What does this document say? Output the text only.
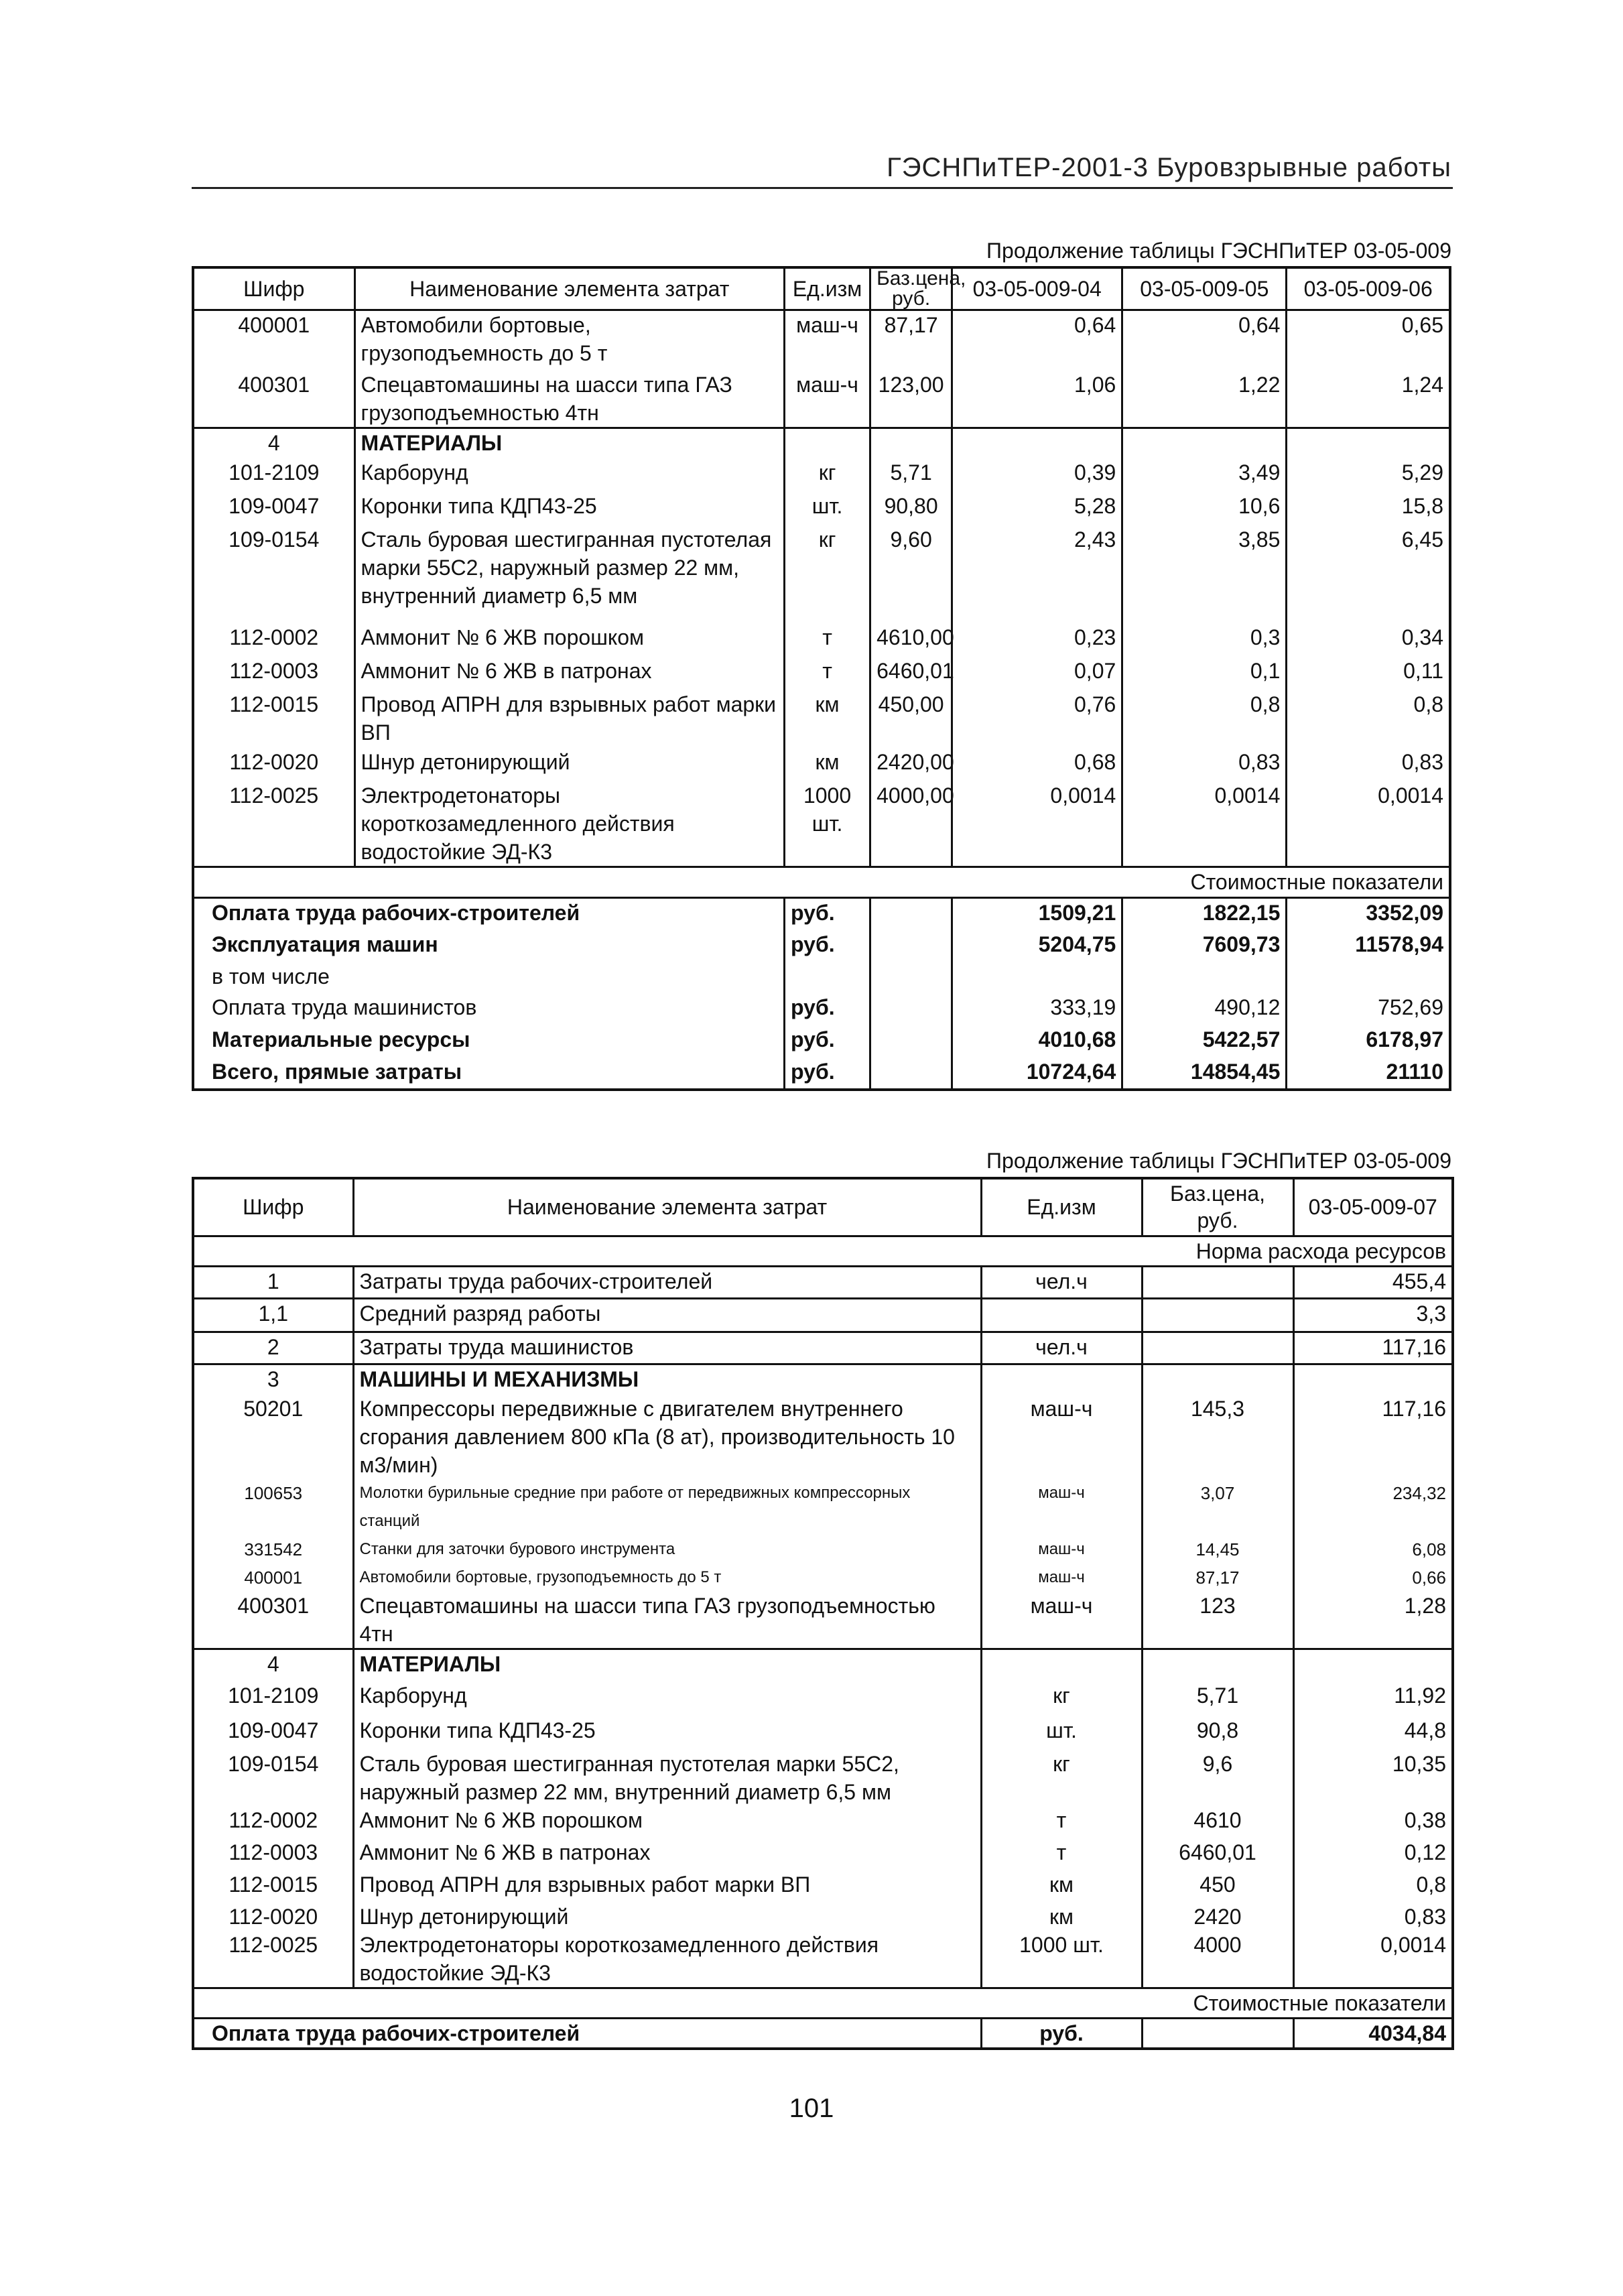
ГЭСНПиТЕР-2001-3 Буровзрывные работы
Продолжение таблицы ГЭСНПиТЕР 03-05-009
Шифр	Наименование элемента затрат	Ед.изм	Баз.цена, руб.	03-05-009-04	03-05-009-05	03-05-009-06
400001	Автомобили бортовые, грузоподъемность до 5 т	маш-ч	87,17	0,64	0,64	0,65
400301	Спецавтомашины на шасси типа ГАЗ грузоподъемностью 4тн	маш-ч	123,00	1,06	1,22	1,24
4	МАТЕРИАЛЫ					
101-2109	Карборунд	кг	5,71	0,39	3,49	5,29
109-0047	Коронки типа КДП43-25	шт.	90,80	5,28	10,6	15,8
109-0154	Сталь буровая шестигранная пустотелая марки 55С2, наружный размер 22 мм, внутренний диаметр 6,5 мм	кг	9,60	2,43	3,85	6,45
112-0002	Аммонит № 6 ЖВ порошком	т	4610,00	0,23	0,3	0,34
112-0003	Аммонит № 6 ЖВ в патронах	т	6460,01	0,07	0,1	0,11
112-0015	Провод АПРН для взрывных работ марки ВП	км	450,00	0,76	0,8	0,8
112-0020	Шнур детонирующий	км	2420,00	0,68	0,83	0,83
112-0025	Электродетонаторы короткозамедленного действия водостойкие ЭД-К3	1000 шт.	4000,00	0,0014	0,0014	0,0014
Стоимостные показатели						
Оплата труда рабочих-строителей		руб.		1509,21	1822,15	3352,09
Эксплуатация машин		руб.		5204,75	7609,73	11578,94
в том числе						
Оплата труда машинистов		руб.		333,19	490,12	752,69
Материальные ресурсы		руб.		4010,68	5422,57	6178,97
Всего, прямые затраты		руб.		10724,64	14854,45	21110
Продолжение таблицы ГЭСНПиТЕР 03-05-009
Шифр	Наименование элемента затрат	Ед.изм	Баз.цена, руб.	03-05-009-07
Норма расхода ресурсов				
1	Затраты труда рабочих-строителей	чел.ч		455,4
1,1	Средний разряд работы			3,3
2	Затраты труда машинистов	чел.ч		117,16
3	МАШИНЫ И МЕХАНИЗМЫ			
50201	Компрессоры передвижные с двигателем внутреннего сгорания давлением 800 кПа (8 ат), производительность 10 м3/мин)	маш-ч	145,3	117,16
100653	Молотки бурильные средние при работе от передвижных компрессорных станций	маш-ч	3,07	234,32
331542	Станки для заточки бурового инструмента	маш-ч	14,45	6,08
400001	Автомобили бортовые, грузоподъемность до 5 т	маш-ч	87,17	0,66
400301	Спецавтомашины на шасси типа ГАЗ грузоподъемностью 4тн	маш-ч	123	1,28
4	МАТЕРИАЛЫ			
101-2109	Карборунд	кг	5,71	11,92
109-0047	Коронки типа КДП43-25	шт.	90,8	44,8
109-0154	Сталь буровая шестигранная пустотелая марки 55С2, наружный размер 22 мм, внутренний диаметр 6,5 мм	кг	9,6	10,35
112-0002	Аммонит № 6 ЖВ порошком	т	4610	0,38
112-0003	Аммонит № 6 ЖВ в патронах	т	6460,01	0,12
112-0015	Провод АПРН для взрывных работ марки ВП	км	450	0,8
112-0020	Шнур детонирующий	км	2420	0,83
112-0025	Электродетонаторы короткозамедленного действия водостойкие ЭД-К3	1000 шт.	4000	0,0014
Стоимостные показатели				
Оплата труда рабочих-строителей		руб.		4034,84
101
